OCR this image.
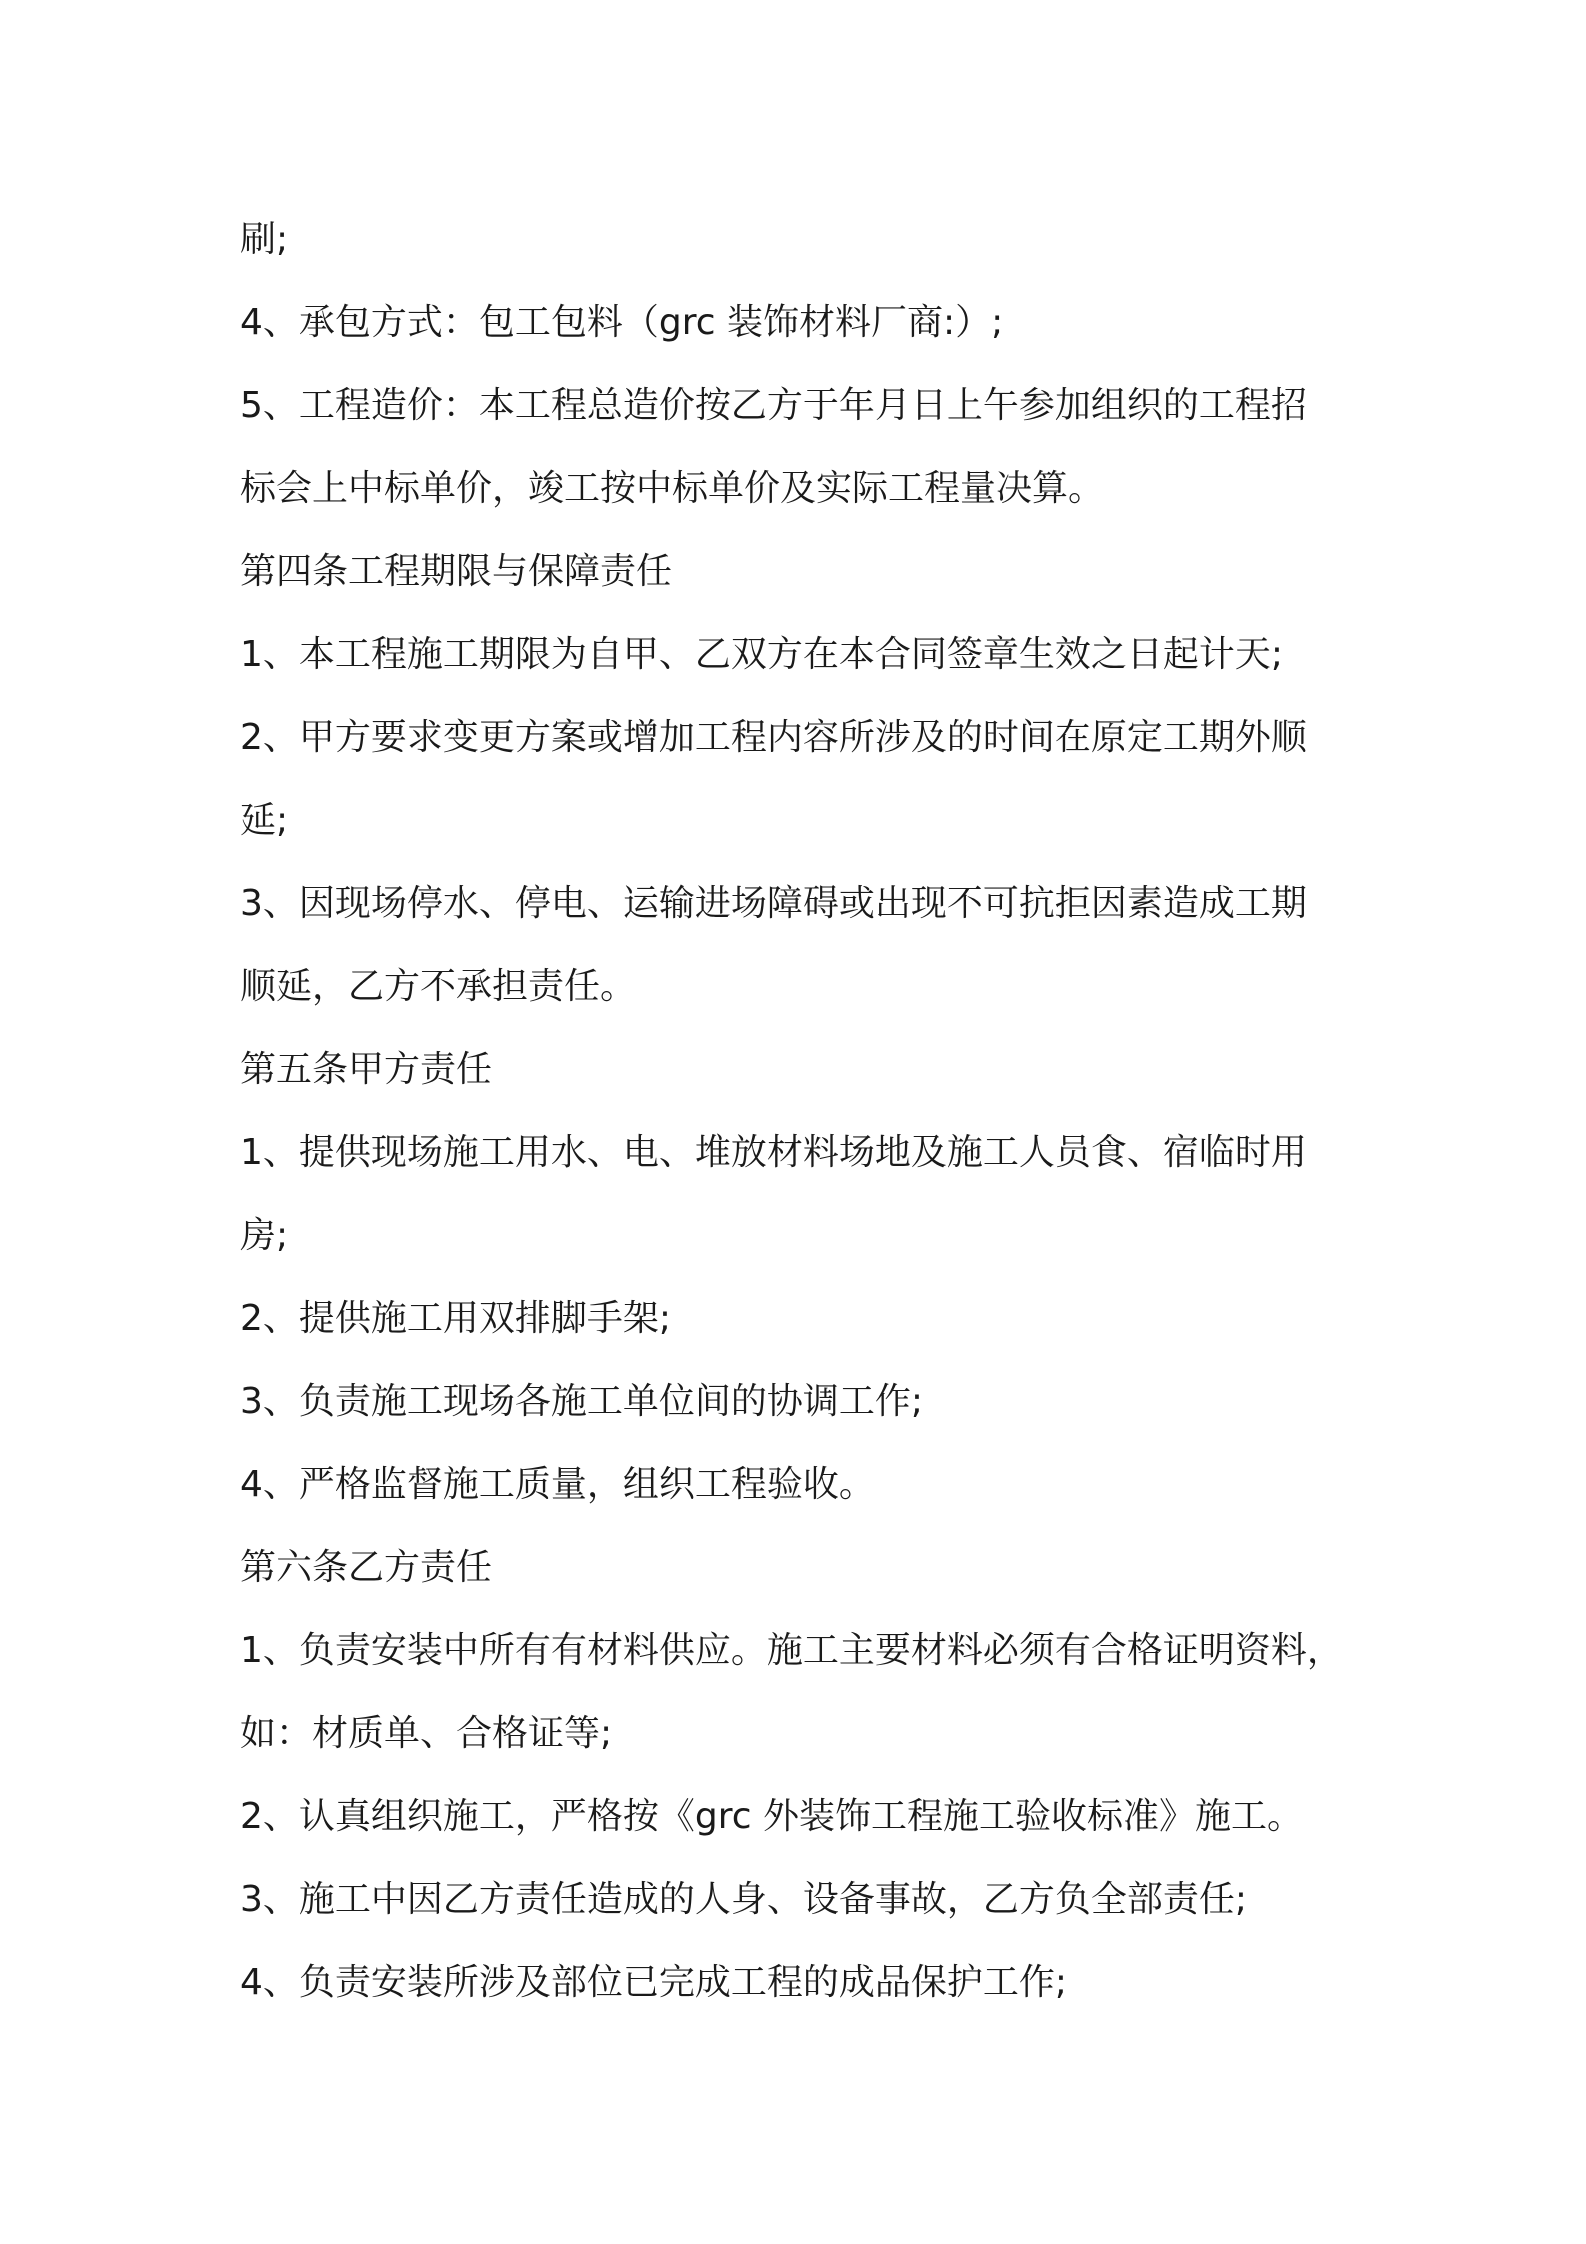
刷;

4、承包方式：包工包料（grc 装饰材料厂商:）;

5、工程造价：本工程总造价按乙方于年月日上午参加组织的工程招

标会上中标单价，竣工按中标单价及实际工程量决算。

第四条工程期限与保障责任

1、本工程施工期限为自甲、乙双方在本合同签章生效之日起计天;

2、甲方要求变更方案或增加工程内容所涉及的时间在原定工期外顺

延;

3、因现场停水、停电、运输进场障碍或出现不可抗拒因素造成工期

顺延，乙方不承担责任。

第五条甲方责任

1、提供现场施工用水、电、堆放材料场地及施工人员食、宿临时用

房;

2、提供施工用双排脚手架;

3、负责施工现场各施工单位间的协调工作;

4、严格监督施工质量，组织工程验收。

第六条乙方责任

1、负责安装中所有有材料供应。施工主要材料必须有合格证明资料，

如：材质单、合格证等;

2、认真组织施工，严格按《grc 外装饰工程施工验收标准》施工。

3、施工中因乙方责任造成的人身、设备事故，乙方负全部责任;

4、负责安装所涉及部位已完成工程的成品保护工作;
